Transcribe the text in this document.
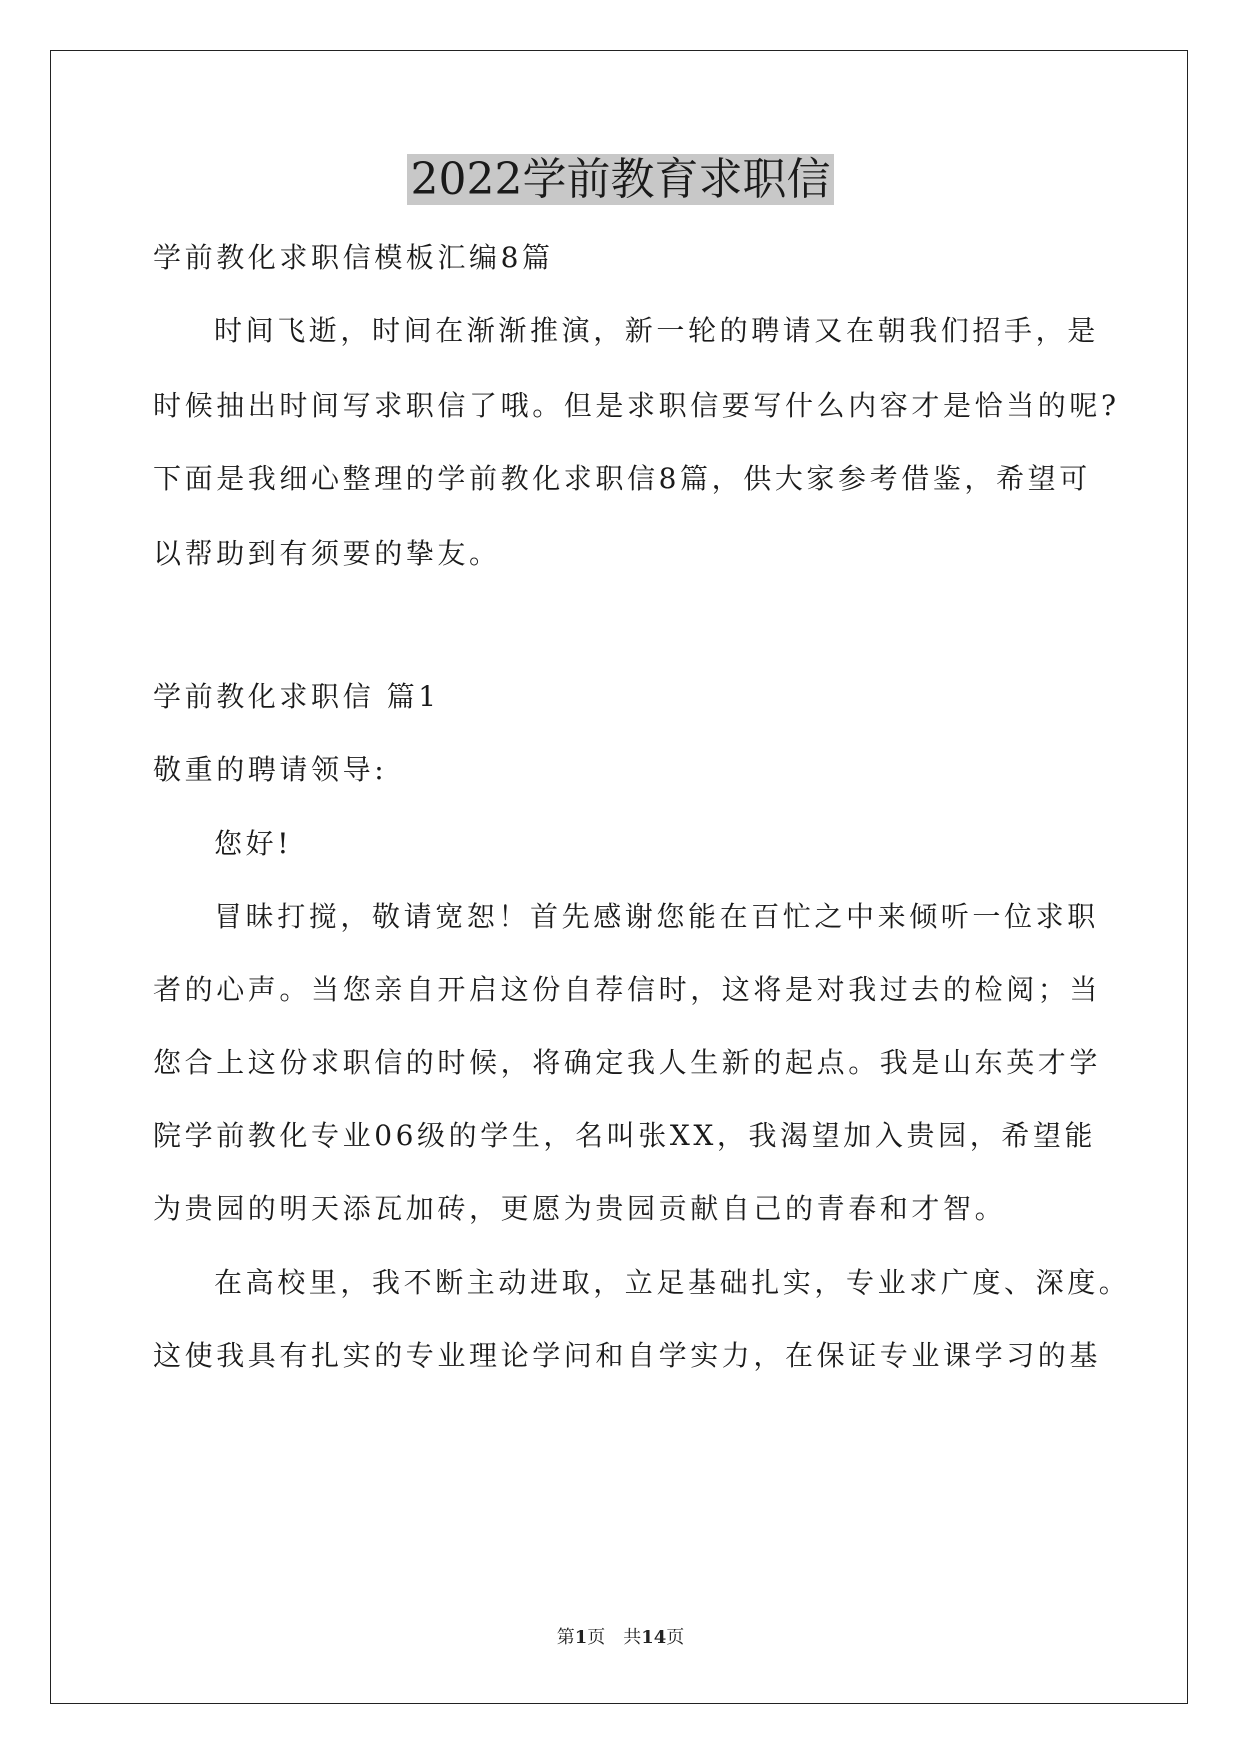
2022学前教育求职信
学前教化求职信模板汇编8篇
时间飞逝，时间在渐渐推演，新一轮的聘请又在朝我们招手，是
时候抽出时间写求职信了哦。但是求职信要写什么内容才是恰当的呢?
下面是我细心整理的学前教化求职信8篇，供大家参考借鉴，希望可
以帮助到有须要的挚友。
学前教化求职信 篇1
敬重的聘请领导:
您好!
冒昧打搅，敬请宽恕！首先感谢您能在百忙之中来倾听一位求职
者的心声。当您亲自开启这份自荐信时，这将是对我过去的检阅；当
您合上这份求职信的时候，将确定我人生新的起点。我是山东英才学
院学前教化专业06级的学生，名叫张XX，我渴望加入贵园，希望能
为贵园的明天添瓦加砖，更愿为贵园贡献自己的青春和才智。
在高校里，我不断主动进取，立足基础扎实，专业求广度、深度。
这使我具有扎实的专业理论学问和自学实力，在保证专业课学习的基
第1页　共14页
